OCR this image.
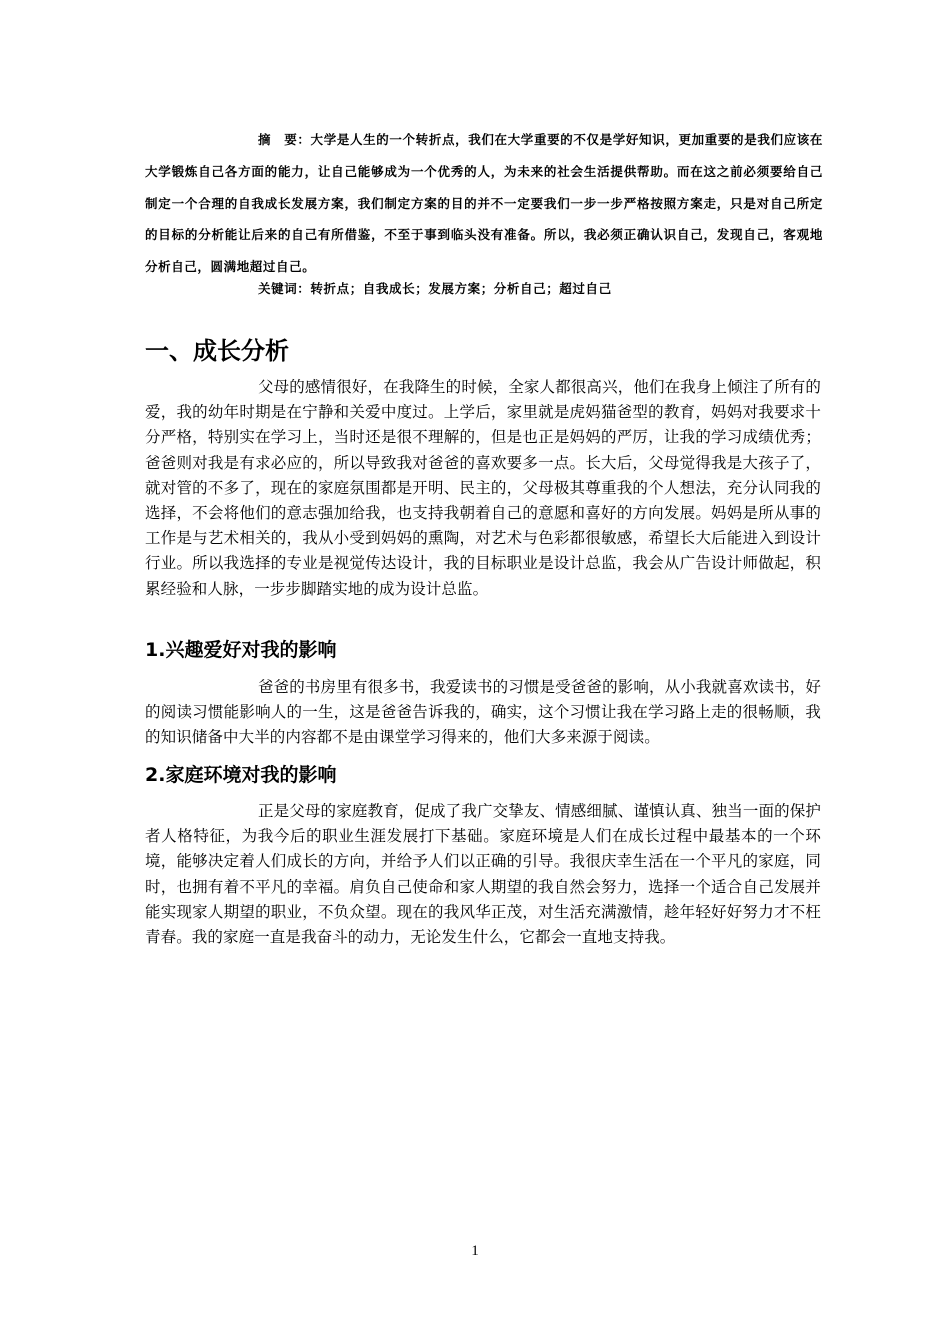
摘　要：大学是人生的一个转折点，我们在大学重要的不仅是学好知识，更加重要的是我们应该在大学锻炼自己各方面的能力，让自己能够成为一个优秀的人，为未来的社会生活提供帮助。而在这之前必须要给自己制定一个合理的自我成长发展方案，我们制定方案的目的并不一定要我们一步一步严格按照方案走，只是对自己所定的目标的分析能让后来的自己有所借鉴，不至于事到临头没有准备。所以，我必须正确认识自己，发现自己，客观地分析自己，圆满地超过自己。
关键词：转折点；自我成长；发展方案；分析自己；超过自己
一、成长分析
父母的感情很好，在我降生的时候，全家人都很高兴，他们在我身上倾注了所有的爱，我的幼年时期是在宁静和关爱中度过。上学后，家里就是虎妈猫爸型的教育，妈妈对我要求十分严格，特别实在学习上，当时还是很不理解的，但是也正是妈妈的严厉，让我的学习成绩优秀；爸爸则对我是有求必应的，所以导致我对爸爸的喜欢要多一点。长大后，父母觉得我是大孩子了，就对管的不多了，现在的家庭氛围都是开明、民主的，父母极其尊重我的个人想法，充分认同我的选择，不会将他们的意志强加给我，也支持我朝着自己的意愿和喜好的方向发展。妈妈是所从事的工作是与艺术相关的，我从小受到妈妈的熏陶，对艺术与色彩都很敏感，希望长大后能进入到设计行业。所以我选择的专业是视觉传达设计，我的目标职业是设计总监，我会从广告设计师做起，积累经验和人脉，一步步脚踏实地的成为设计总监。
1.兴趣爱好对我的影响
爸爸的书房里有很多书，我爱读书的习惯是受爸爸的影响，从小我就喜欢读书，好的阅读习惯能影响人的一生，这是爸爸告诉我的，确实，这个习惯让我在学习路上走的很畅顺，我的知识储备中大半的内容都不是由课堂学习得来的，他们大多来源于阅读。
2.家庭环境对我的影响
正是父母的家庭教育，促成了我广交挚友、情感细腻、谨慎认真、独当一面的保护者人格特征，为我今后的职业生涯发展打下基础。家庭环境是人们在成长过程中最基本的一个环境，能够决定着人们成长的方向，并给予人们以正确的引导。我很庆幸生活在一个平凡的家庭，同时，也拥有着不平凡的幸福。肩负自己使命和家人期望的我自然会努力，选择一个适合自己发展并能实现家人期望的职业，不负众望。现在的我风华正茂，对生活充满激情，趁年轻好好努力才不枉青春。我的家庭一直是我奋斗的动力，无论发生什么，它都会一直地支持我。
1
